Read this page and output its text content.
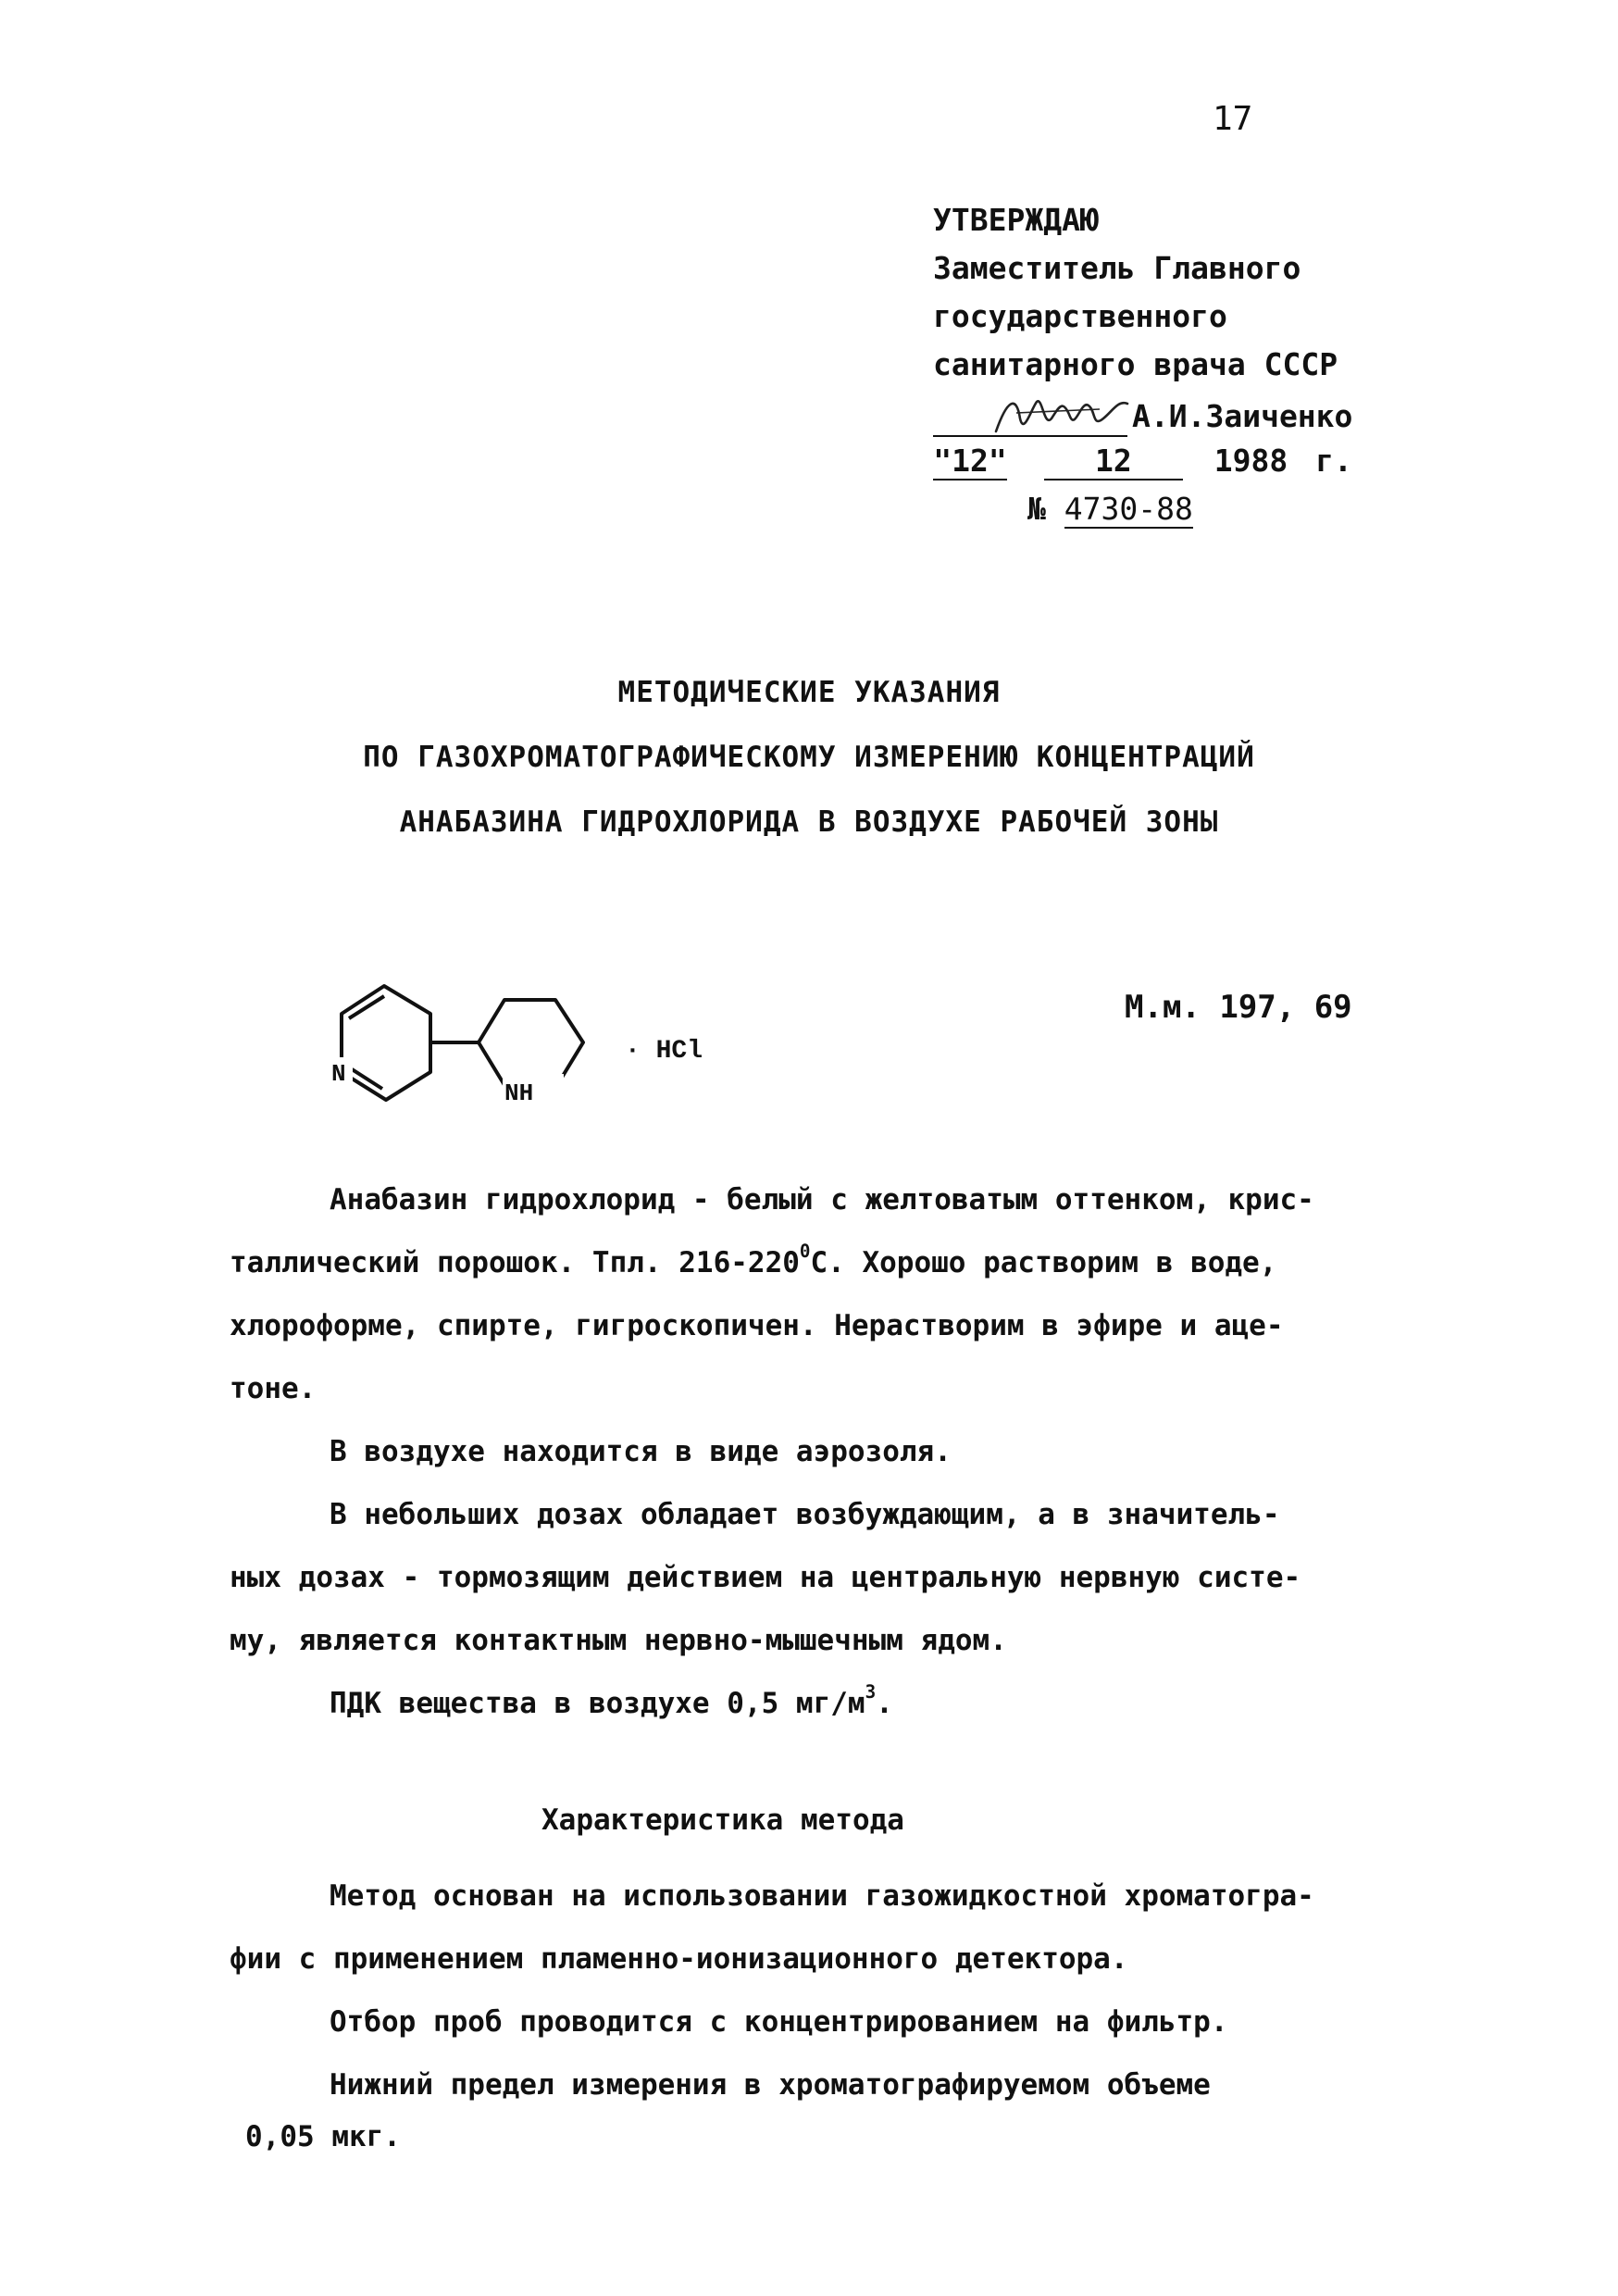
17
УТВЕРЖДАЮ
Заместитель Главного
государственного
санитарного врача СССР
А.И.Заиченко
"12"	12	1988 г.
№ 4730-88
МЕТОДИЧЕСКИЕ УКАЗАНИЯ
ПО ГАЗОХРОМАТОГРАФИЧЕСКОМУ ИЗМЕРЕНИЮ КОНЦЕНТРАЦИЙ
АНАБАЗИНА ГИДРОХЛОРИДА В ВОЗДУХЕ РАБОЧЕЙ ЗОНЫ
N
NH
· HCl
М.м. 197, 69
Анабазин гидрохлорид - белый с желтоватым оттенком, крис-
таллический порошок. Тпл. $216-220^0С$. Хорошо растворим в воде,
хлороформе, спирте, гигроскопичен. Нерастворим в эфире и аце-
тоне.
В воздухе находится в виде аэрозоля.
В небольших дозах обладает возбуждающим, а в значитель-
ных дозах - тормозящим действием на центральную нервную систе-
му, является контактным нервно-мышечным ядом.
ПДК вещества в воздухе 0,5 $мг/м^3$.
Характеристика метода
Метод основан на использовании газожидкостной хроматогра-
фии с применением пламенно-ионизационного детектора.
Отбор проб проводится с концентрированием на фильтр.
Нижний предел измерения в хроматографируемом объеме
0,05 мкг.
